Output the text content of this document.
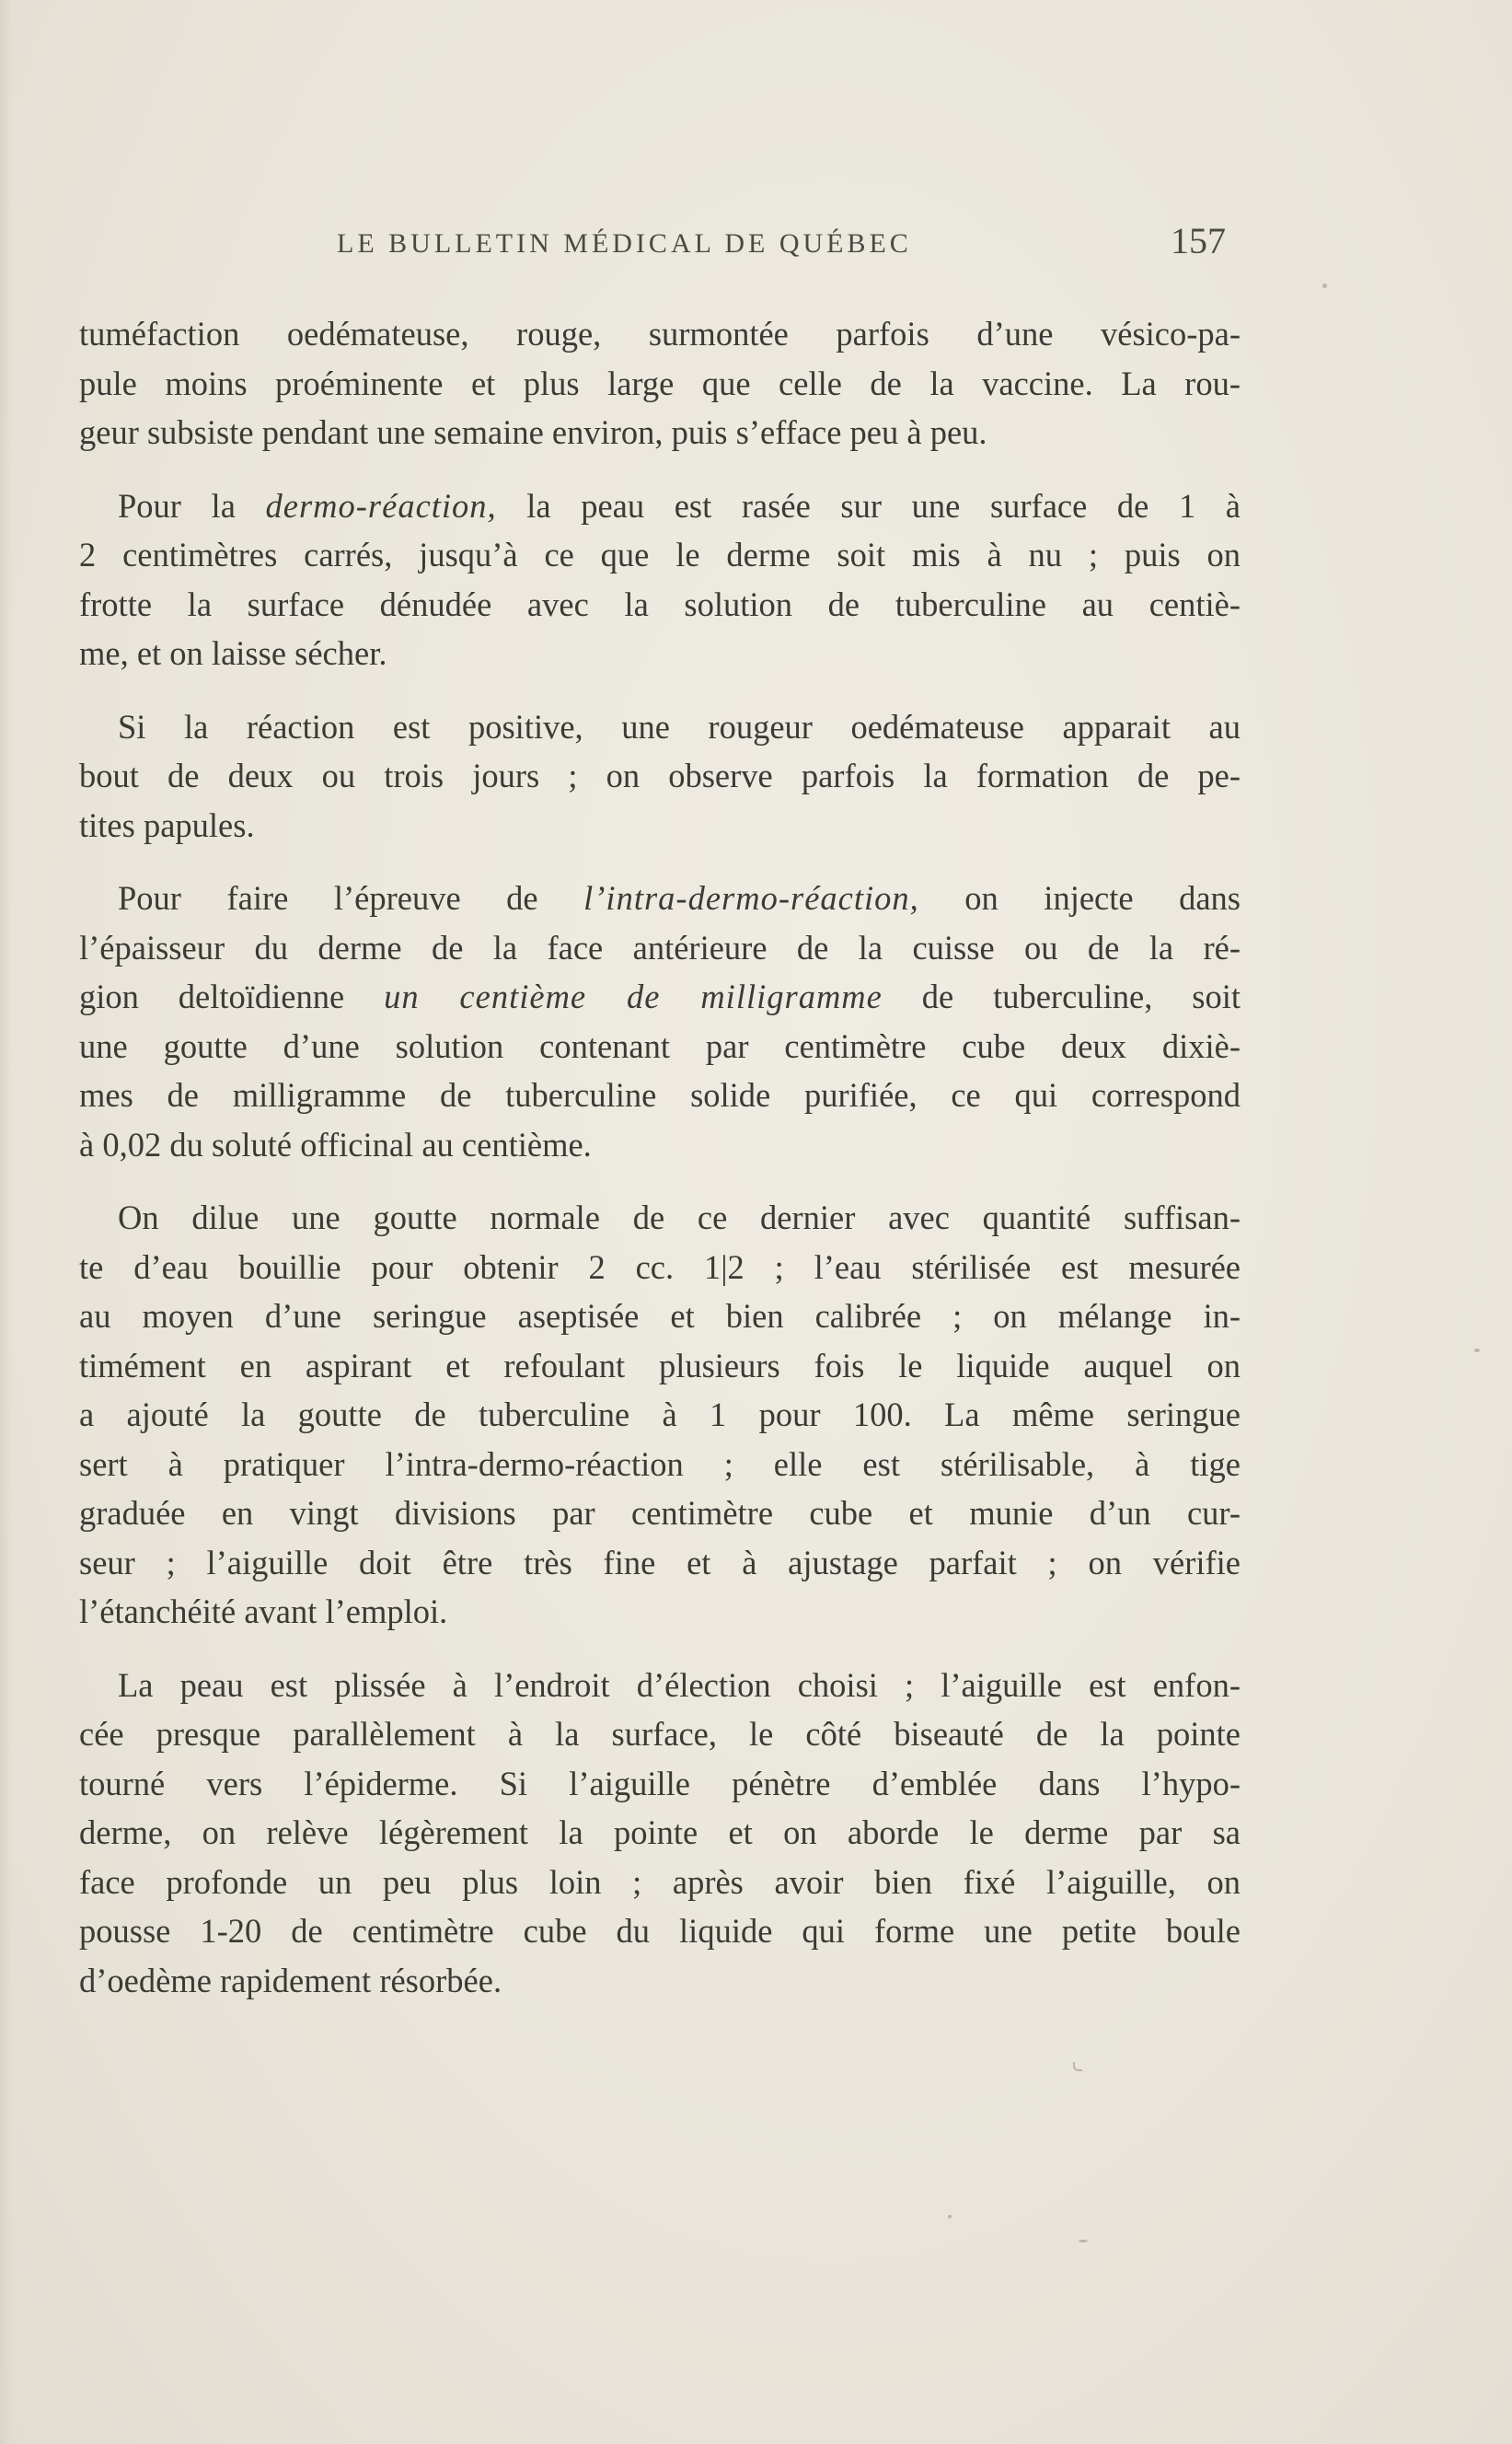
LE BULLETIN MÉDICAL DE QUÉBEC	157
tuméfaction oedémateuse, rouge, surmontée parfois d’une vésico-pa-
pule moins proéminente et plus large que celle de la vaccine. La rou-
geur subsiste pendant une semaine environ, puis s’efface peu à peu.
Pour la dermo-réaction, la peau est rasée sur une surface de 1 à
2 centimètres carrés, jusqu’à ce que le derme soit mis à nu ; puis on
frotte la surface dénudée avec la solution de tuberculine au centiè-
me, et on laisse sécher.
Si la réaction est positive, une rougeur oedémateuse apparait au
bout de deux ou trois jours ; on observe parfois la formation de pe-
tites papules.
Pour faire l’épreuve de l’intra-dermo-réaction, on injecte dans
l’épaisseur du derme de la face antérieure de la cuisse ou de la ré-
gion deltoïdienne un centième de milligramme de tuberculine, soit
une goutte d’une solution contenant par centimètre cube deux dixiè-
mes de milligramme de tuberculine solide purifiée, ce qui correspond
à 0,02 du soluté officinal au centième.
On dilue une goutte normale de ce dernier avec quantité suffisan-
te d’eau bouillie pour obtenir 2 cc. 1|2 ; l’eau stérilisée est mesurée
au moyen d’une seringue aseptisée et bien calibrée ; on mélange in-
timément en aspirant et refoulant plusieurs fois le liquide auquel on
a ajouté la goutte de tuberculine à 1 pour 100. La même seringue
sert à pratiquer l’intra-dermo-réaction ; elle est stérilisable, à tige
graduée en vingt divisions par centimètre cube et munie d’un cur-
seur ; l’aiguille doit être très fine et à ajustage parfait ; on vérifie
l’étanchéité avant l’emploi.
La peau est plissée à l’endroit d’élection choisi ; l’aiguille est enfon-
cée presque parallèlement à la surface, le côté biseauté de la pointe
tourné vers l’épiderme. Si l’aiguille pénètre d’emblée dans l’hypo-
derme, on relève légèrement la pointe et on aborde le derme par sa
face profonde un peu plus loin ; après avoir bien fixé l’aiguille, on
pousse 1-20 de centimètre cube du liquide qui forme une petite boule
d’oedème rapidement résorbée.
